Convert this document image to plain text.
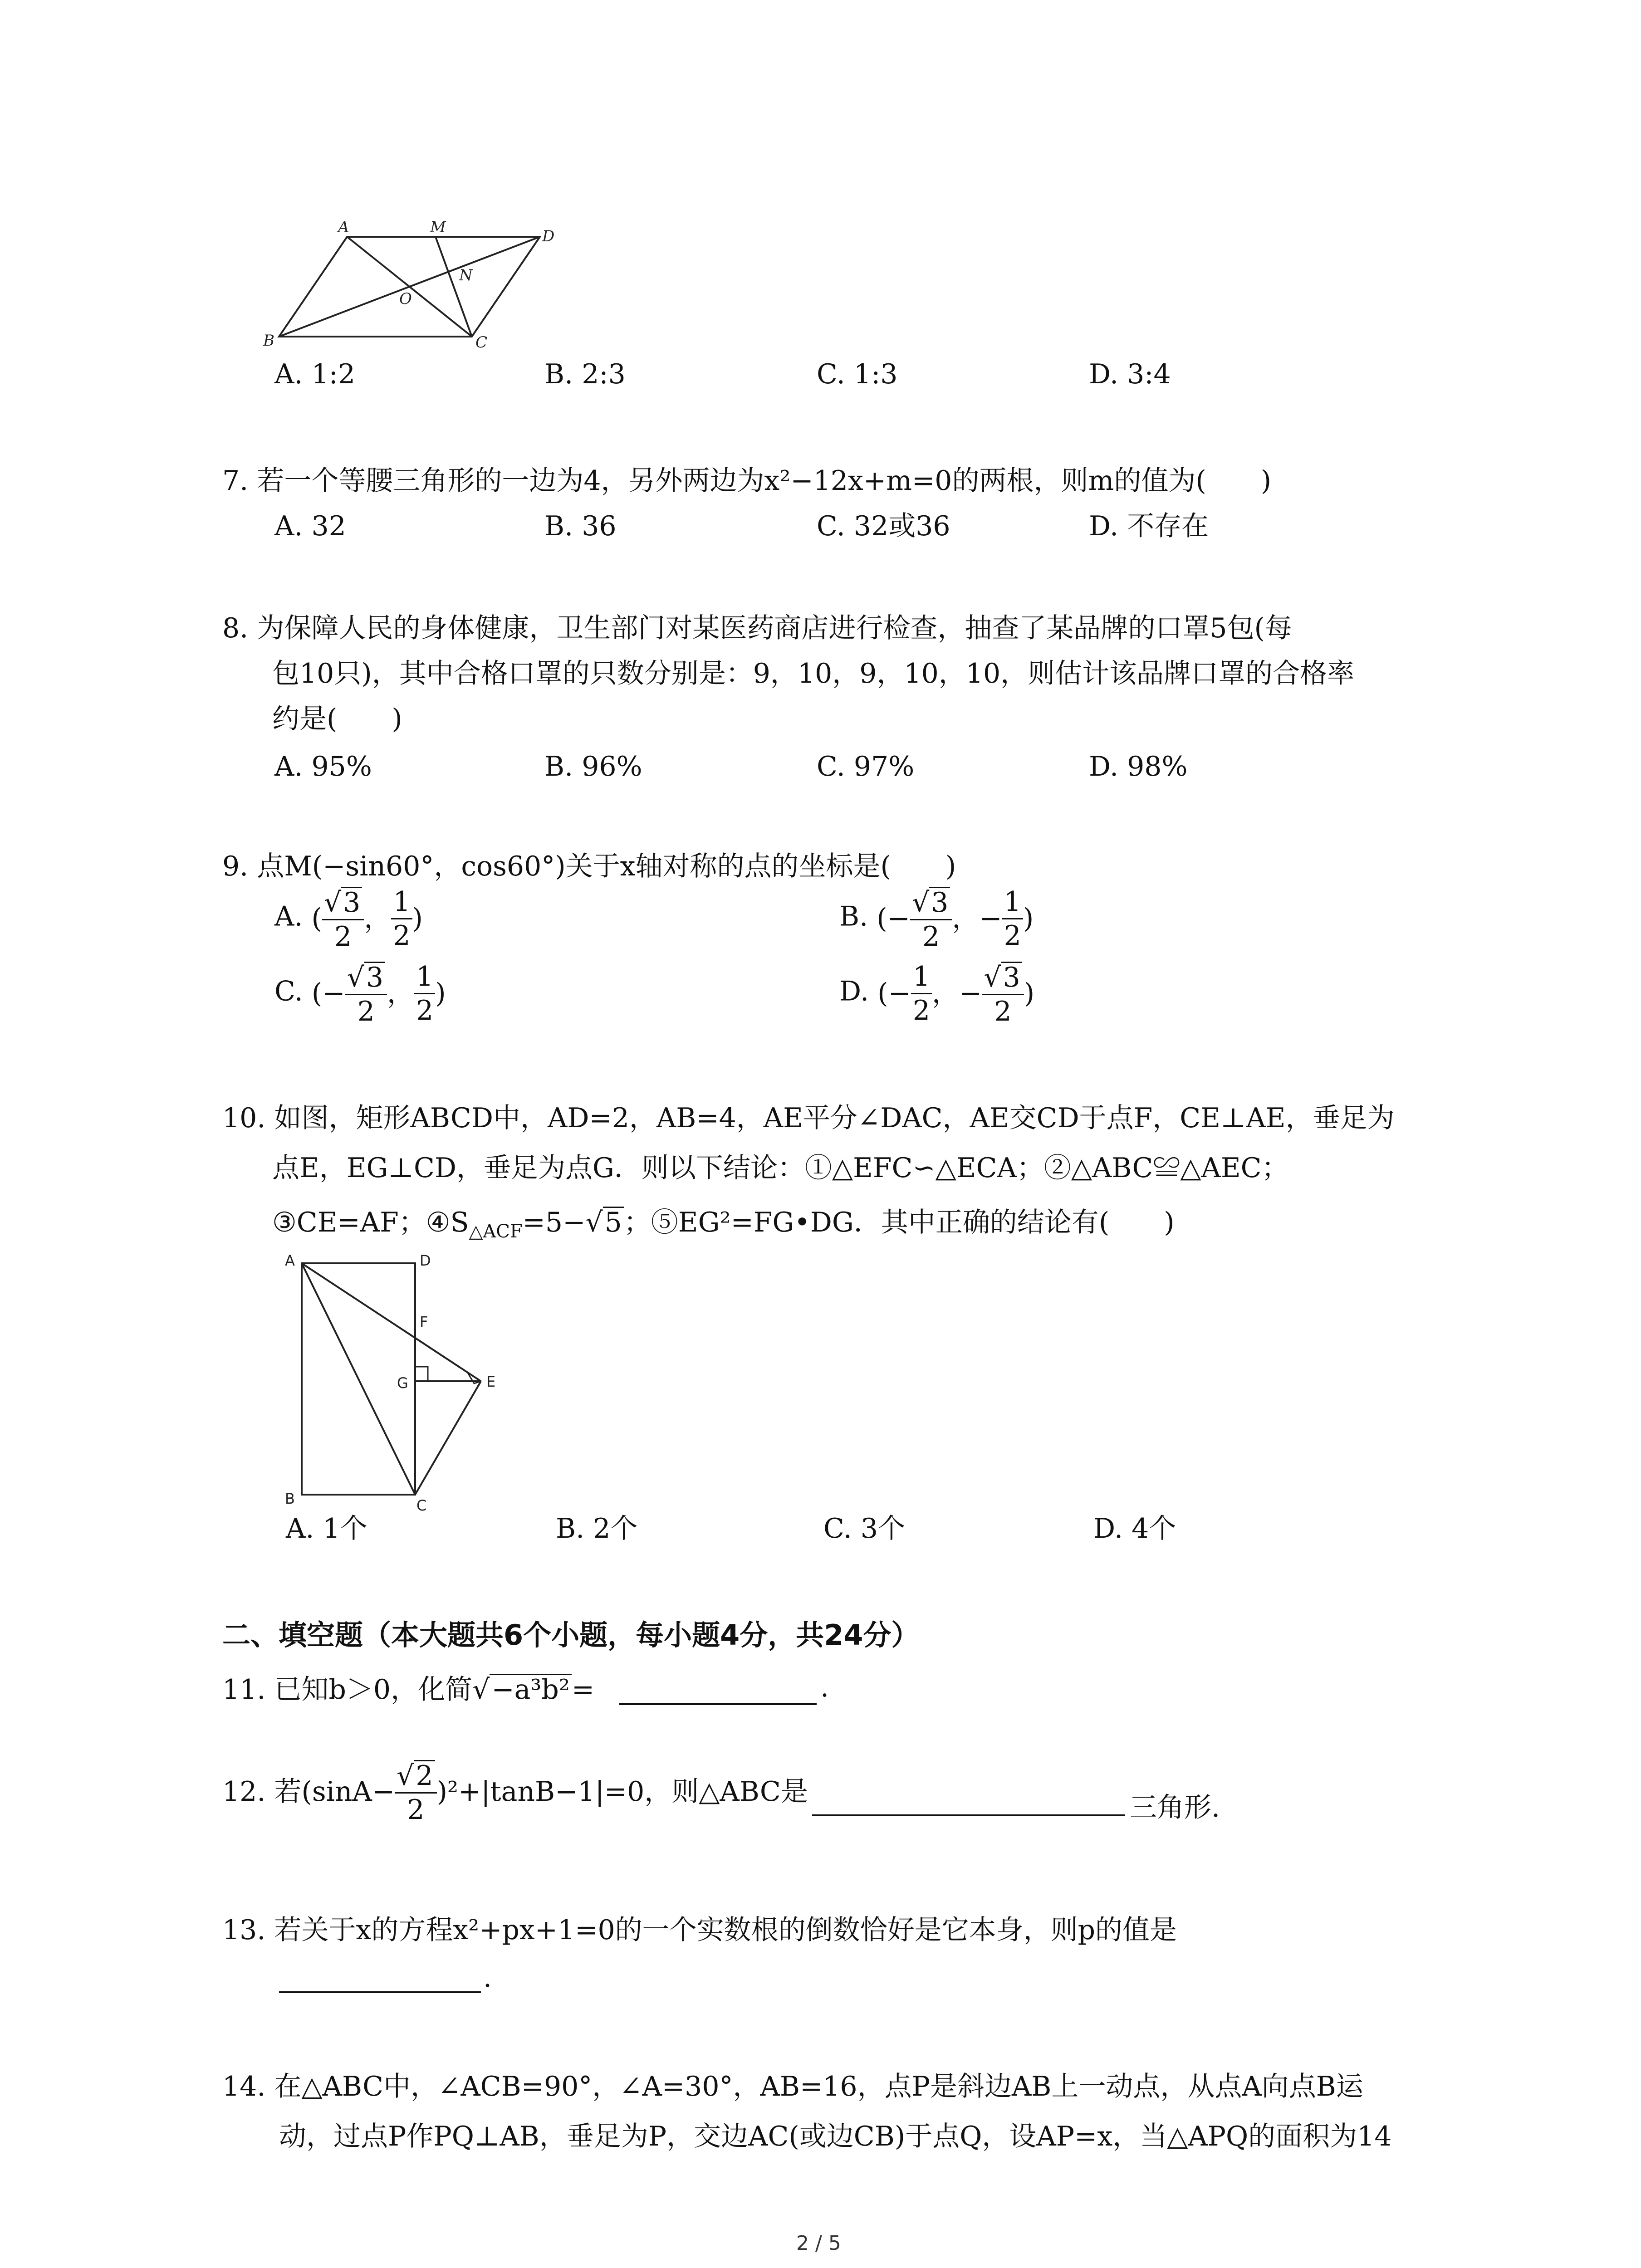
A	M	D
N
O
B	C
A. 1:2	B. 2:3	C. 1:3	D. 3:4
7. 若一个等腰三角形的一边为4，另外两边为x²−12x+m=0的两根，则m的值为(　　)
A. 32	B. 36	C. 32或36	D. 不存在
8. 为保障人民的身体健康，卫生部门对某医药商店进行检查，抽查了某品牌的口罩5包(每
包10只)，其中合格口罩的只数分别是：9，10，9，10，10，则估计该品牌口罩的合格率
约是(　　)
A. 95%	B. 96%	C. 97%	D. 98%
9. 点M(−sin60°，cos60°)关于x轴对称的点的坐标是(　　)
A. ( $\frac{√3}{2}$ ， $\frac{1}{2}$ )	B. (− $\frac{√3}{2}$ ，− $\frac{1}{2}$ )
C. (− $\frac{√3}{2}$ ， $\frac{1}{2}$ )	D. (− $\frac{1}{2}$ ，− $\frac{√3}{2}$ )
10. 如图，矩形ABCD中，AD=2，AB=4，AE平分∠DAC，AE交CD于点F，CE⊥AE，垂足为
点E，EG⊥CD，垂足为点G．则以下结论：①△EFC∽△ECA；②△ABC≌△AEC；
③CE=AF；$④S_{\triangle ACF}=5-√5$；⑤EG²=FG•DG．其中正确的结论有(　　)
A	D
F
G	E
B	C
A. 1个	B. 2个	C. 3个	D. 4个
二、填空题（本大题共6个小题，每小题4分，共24分）
11. 已知b＞0，化简√−a³b²=	.
12. 若$(\sin A- \frac{√2}{2} )^2+|\tan B-1|=0$，则△ABC是	三角形.
13. 若关于x的方程x²+px+1=0的一个实数根的倒数恰好是它本身，则p的值是
.
14. 在△ABC中，∠ACB=90°，∠A=30°，AB=16，点P是斜边AB上一动点，从点A向点B运
动，过点P作PQ⊥AB，垂足为P，交边AC(或边CB)于点Q，设AP=x，当△APQ的面积为14
2 / 5
